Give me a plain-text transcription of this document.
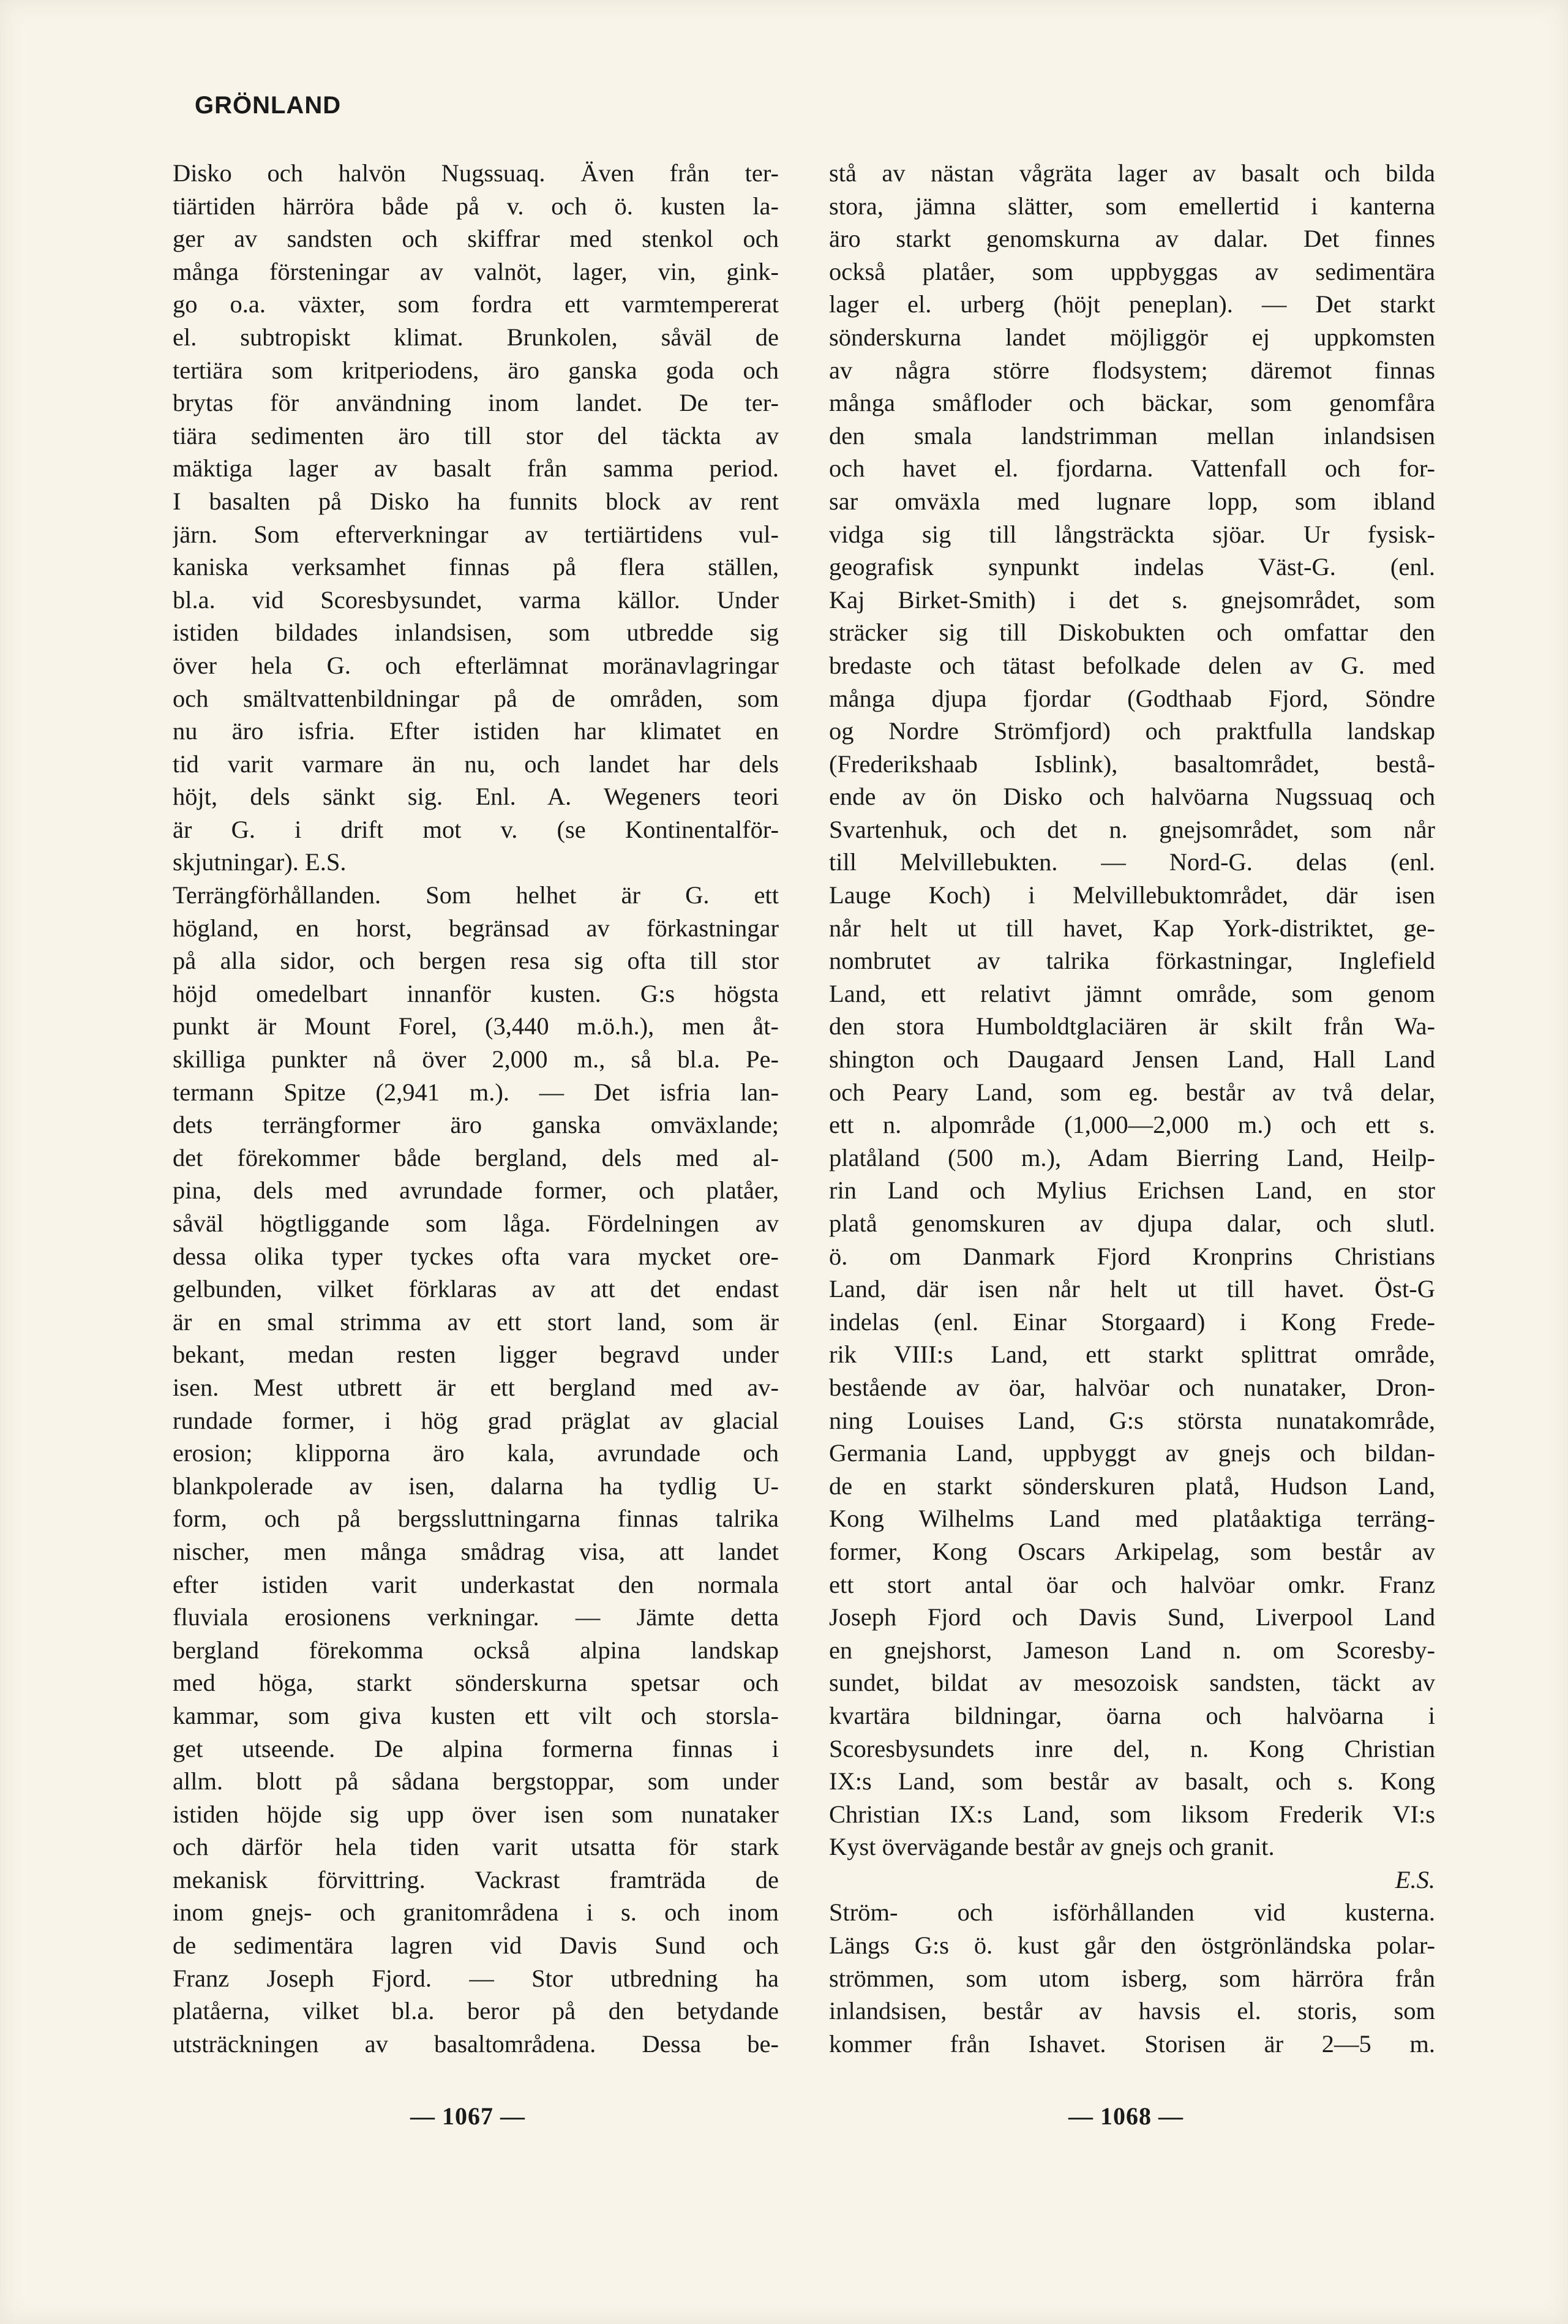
GRÖNLAND
Disko och halvön Nugssuaq. Även från ter-
tiärtiden härröra både på v. och ö. kusten la-
ger av sandsten och skiffrar med stenkol och
många försteningar av valnöt, lager, vin, gink-
go o.a. växter, som fordra ett varmtempererat
el. subtropiskt klimat. Brunkolen, såväl de
tertiära som kritperiodens, äro ganska goda och
brytas för användning inom landet. De ter-
tiära sedimenten äro till stor del täckta av
mäktiga lager av basalt från samma period.
I basalten på Disko ha funnits block av rent
järn. Som efterverkningar av tertiärtidens vul-
kaniska verksamhet finnas på flera ställen,
bl.a. vid Scoresbysundet, varma källor. Under
istiden bildades inlandsisen, som utbredde sig
över hela G. och efterlämnat moränavlagringar
och smältvattenbildningar på de områden, som
nu äro isfria. Efter istiden har klimatet en
tid varit varmare än nu, och landet har dels
höjt, dels sänkt sig. Enl. A. Wegeners teori
är G. i drift mot v. (se Kontinentalför-
skjutningar). E.S.
Terrängförhållanden. Som helhet är G. ett
högland, en horst, begränsad av förkastningar
på alla sidor, och bergen resa sig ofta till stor
höjd omedelbart innanför kusten. G:s högsta
punkt är Mount Forel, (3,440 m.ö.h.), men åt-
skilliga punkter nå över 2,000 m., så bl.a. Pe-
termann Spitze (2,941 m.). — Det isfria lan-
dets terrängformer äro ganska omväxlande;
det förekommer både bergland, dels med al-
pina, dels med avrundade former, och platåer,
såväl högtliggande som låga. Fördelningen av
dessa olika typer tyckes ofta vara mycket ore-
gelbunden, vilket förklaras av att det endast
är en smal strimma av ett stort land, som är
bekant, medan resten ligger begravd under
isen. Mest utbrett är ett bergland med av-
rundade former, i hög grad präglat av glacial
erosion; klipporna äro kala, avrundade och
blankpolerade av isen, dalarna ha tydlig U-
form, och på bergssluttningarna finnas talrika
nischer, men många smådrag visa, att landet
efter istiden varit underkastat den normala
fluviala erosionens verkningar. — Jämte detta
bergland förekomma också alpina landskap
med höga, starkt sönderskurna spetsar och
kammar, som giva kusten ett vilt och storsla-
get utseende. De alpina formerna finnas i
allm. blott på sådana bergstoppar, som under
istiden höjde sig upp över isen som nunataker
och därför hela tiden varit utsatta för stark
mekanisk förvittring. Vackrast framträda de
inom gnejs- och granitområdena i s. och inom
de sedimentära lagren vid Davis Sund och
Franz Joseph Fjord. — Stor utbredning ha
platåerna, vilket bl.a. beror på den betydande
utsträckningen av basaltområdena. Dessa be-
stå av nästan vågräta lager av basalt och bilda
stora, jämna slätter, som emellertid i kanterna
äro starkt genomskurna av dalar. Det finnes
också platåer, som uppbyggas av sedimentära
lager el. urberg (höjt peneplan). — Det starkt
sönderskurna landet möjliggör ej uppkomsten
av några större flodsystem; däremot finnas
många småfloder och bäckar, som genomfåra
den smala landstrimman mellan inlandsisen
och havet el. fjordarna. Vattenfall och for-
sar omväxla med lugnare lopp, som ibland
vidga sig till långsträckta sjöar. Ur fysisk-
geografisk synpunkt indelas Väst-G. (enl.
Kaj Birket-Smith) i det s. gnejsområdet, som
sträcker sig till Diskobukten och omfattar den
bredaste och tätast befolkade delen av G. med
många djupa fjordar (Godthaab Fjord, Söndre
og Nordre Strömfjord) och praktfulla landskap
(Frederikshaab Isblink), basaltområdet, bestå-
ende av ön Disko och halvöarna Nugssuaq och
Svartenhuk, och det n. gnejsområdet, som når
till Melvillebukten. — Nord-G. delas (enl.
Lauge Koch) i Melvillebuktområdet, där isen
når helt ut till havet, Kap York-distriktet, ge-
nombrutet av talrika förkastningar, Inglefield
Land, ett relativt jämnt område, som genom
den stora Humboldtglaciären är skilt från Wa-
shington och Daugaard Jensen Land, Hall Land
och Peary Land, som eg. består av två delar,
ett n. alpområde (1,000—2,000 m.) och ett s.
platåland (500 m.), Adam Bierring Land, Heilp-
rin Land och Mylius Erichsen Land, en stor
platå genomskuren av djupa dalar, och slutl.
ö. om Danmark Fjord Kronprins Christians
Land, där isen når helt ut till havet. Öst-G
indelas (enl. Einar Storgaard) i Kong Frede-
rik VIII:s Land, ett starkt splittrat område,
bestående av öar, halvöar och nunataker, Dron-
ning Louises Land, G:s största nunatakområde,
Germania Land, uppbyggt av gnejs och bildan-
de en starkt sönderskuren platå, Hudson Land,
Kong Wilhelms Land med platåaktiga terräng-
former, Kong Oscars Arkipelag, som består av
ett stort antal öar och halvöar omkr. Franz
Joseph Fjord och Davis Sund, Liverpool Land
en gnejshorst, Jameson Land n. om Scoresby-
sundet, bildat av mesozoisk sandsten, täckt av
kvartära bildningar, öarna och halvöarna i
Scoresbysundets inre del, n. Kong Christian
IX:s Land, som består av basalt, och s. Kong
Christian IX:s Land, som liksom Frederik VI:s
Kyst övervägande består av gnejs och granit.
E.S.
Ström- och isförhållanden vid kusterna.
Längs G:s ö. kust går den östgrönländska polar-
strömmen, som utom isberg, som härröra från
inlandsisen, består av havsis el. storis, som
kommer från Ishavet. Storisen är 2—5 m.
— 1067 —	— 1068 —
